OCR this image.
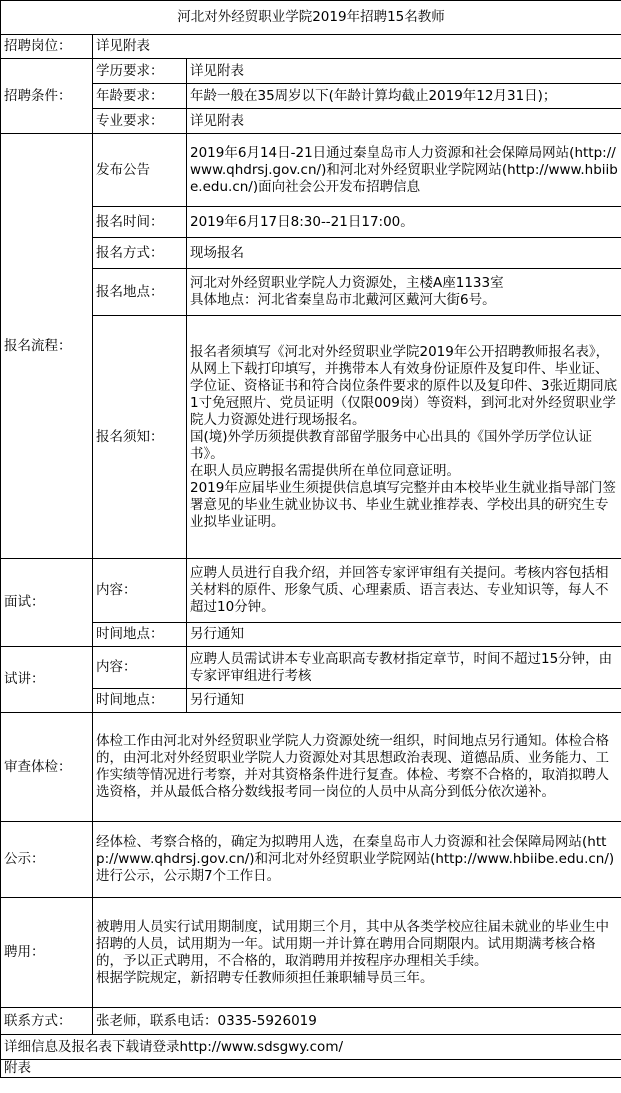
河北对外经贸职业学院2019年招聘15名教师		
招聘岗位：	详见附表	
招聘条件：	学历要求：	详见附表
	年龄要求：	年龄一般在35周岁以下(年龄计算均截止2019年12月31日)；
	专业要求：	详见附表
报名流程：	发布公告	2019年6月14日-21日通过秦皇岛市人力资源和社会保障局网站(http://www.qhdrsj.gov.cn/)和河北对外经贸职业学院网站(http://www.hbiibe.edu.cn/)面向社会公开发布招聘信息
	报名时间：	2019年6月17日8:30--21日17:00。
	报名方式：	现场报名
	报名地点：	河北对外经贸职业学院人力资源处，主楼A座1133室
具体地点：河北省秦皇岛市北戴河区戴河大街6号。
	报名须知：	报名者须填写《河北对外经贸职业学院2019年公开招聘教师报名表》，从网上下载打印填写，并携带本人有效身份证原件及复印件、毕业证、学位证、资格证书和符合岗位条件要求的原件以及复印件、3张近期同底1寸免冠照片、党员证明（仅限009岗）等资料，到河北对外经贸职业学院人力资源处进行现场报名。
国(境)外学历须提供教育部留学服务中心出具的《国外学历学位认证书》。
在职人员应聘报名需提供所在单位同意证明。
2019年应届毕业生须提供信息填写完整并由本校毕业生就业指导部门签署意见的毕业生就业协议书、毕业生就业推荐表、学校出具的研究生专业拟毕业证明。
面试：	内容：	应聘人员进行自我介绍，并回答专家评审组有关提问。考核内容包括相关材料的原件、形象气质、心理素质、语言表达、专业知识等，每人不超过10分钟。
	时间地点：	另行通知
试讲：	内容：	应聘人员需试讲本专业高职高专教材指定章节，时间不超过15分钟，由专家评审组进行考核
	时间地点：	另行通知
审查体检：	体检工作由河北对外经贸职业学院人力资源处统一组织，时间地点另行通知。体检合格的，由河北对外经贸职业学院人力资源处对其思想政治表现、道德品质、业务能力、工作实绩等情况进行考察，并对其资格条件进行复查。体检、考察不合格的，取消拟聘人选资格，并从最低合格分数线报考同一岗位的人员中从高分到低分依次递补。	
公示：	经体检、考察合格的，确定为拟聘用人选，在秦皇岛市人力资源和社会保障局网站(http://www.qhdrsj.gov.cn/)和河北对外经贸职业学院网站(http://www.hbiibe.edu.cn/)进行公示，公示期7个工作日。	
聘用：	被聘用人员实行试用期制度，试用期三个月，其中从各类学校应往届未就业的毕业生中招聘的人员，试用期为一年。试用期一并计算在聘用合同期限内。试用期满考核合格的，予以正式聘用，不合格的，取消聘用并按程序办理相关手续。
根据学院规定，新招聘专任教师须担任兼职辅导员三年。	
联系方式：	张老师，联系电话：0335-5926019	
详细信息及报名表下载请登录http://www.sdsgwy.com/		
附表		
